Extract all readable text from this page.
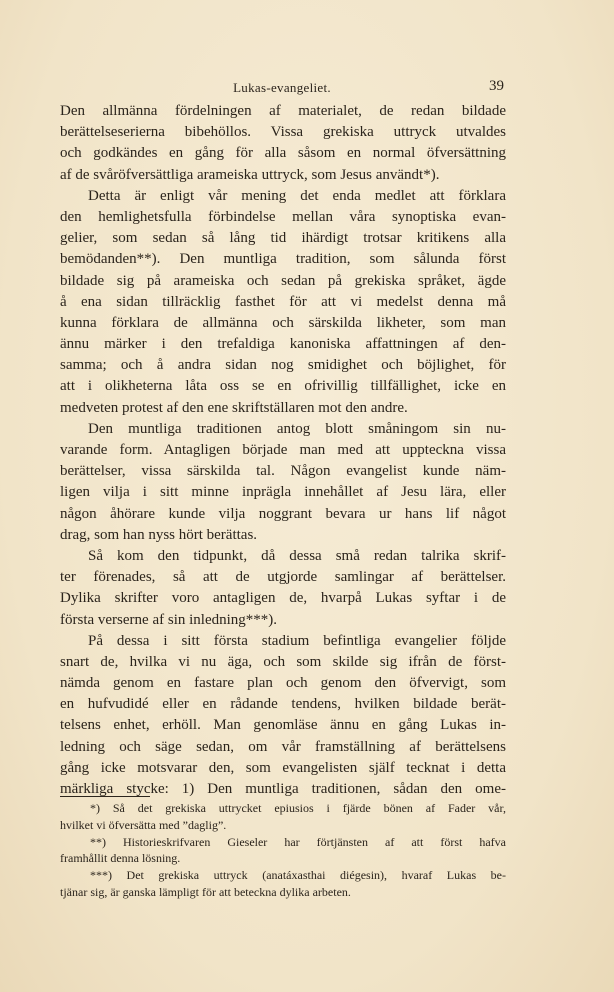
Lukas-evangeliet.	39
Den allmänna fördelningen af materialet, de redan bildade
berättelseserierna bibehöllos. Vissa grekiska uttryck utvaldes
och godkändes en gång för alla såsom en normal öfversättning
af de svåröfversättliga arameiska uttryck, som Jesus användt*).
Detta är enligt vår mening det enda medlet att förklara
den hemlighetsfulla förbindelse mellan våra synoptiska evan-
gelier, som sedan så lång tid ihärdigt trotsar kritikens alla
bemödanden**). Den muntliga tradition, som sålunda först
bildade sig på arameiska och sedan på grekiska språket, ägde
å ena sidan tillräcklig fasthet för att vi medelst denna må
kunna förklara de allmänna och särskilda likheter, som man
ännu märker i den trefaldiga kanoniska affattningen af den-
samma; och å andra sidan nog smidighet och böjlighet, för
att i olikheterna låta oss se en ofrivillig tillfällighet, icke en
medveten protest af den ene skriftställaren mot den andre.
Den muntliga traditionen antog blott småningom sin nu-
varande form. Antagligen började man med att uppteckna vissa
berättelser, vissa särskilda tal. Någon evangelist kunde näm-
ligen vilja i sitt minne inprägla innehållet af Jesu lära, eller
någon åhörare kunde vilja noggrant bevara ur hans lif något
drag, som han nyss hört berättas.
Så kom den tidpunkt, då dessa små redan talrika skrif-
ter förenades, så att de utgjorde samlingar af berättelser.
Dylika skrifter voro antagligen de, hvarpå Lukas syftar i de
första verserne af sin inledning***).
På dessa i sitt första stadium befintliga evangelier följde
snart de, hvilka vi nu äga, och som skilde sig ifrån de först-
nämda genom en fastare plan och genom den öfvervigt, som
en hufvudidé eller en rådande tendens, hvilken bildade berät-
telsens enhet, erhöll. Man genomläse ännu en gång Lukas in-
ledning och säge sedan, om vår framställning af berättelsens
gång icke motsvarar den, som evangelisten själf tecknat i detta
märkliga stycke: 1) Den muntliga traditionen, sådan den ome-
*) Så det grekiska uttrycket epiusios i fjärde bönen af Fader vår,
hvilket vi öfversätta med ”daglig”.
**) Historieskrifvaren Gieseler har förtjänsten af att först hafva
framhållit denna lösning.
***) Det grekiska uttryck (anatáxasthai diégesin), hvaraf Lukas be-
tjänar sig, är ganska lämpligt för att beteckna dylika arbeten.
